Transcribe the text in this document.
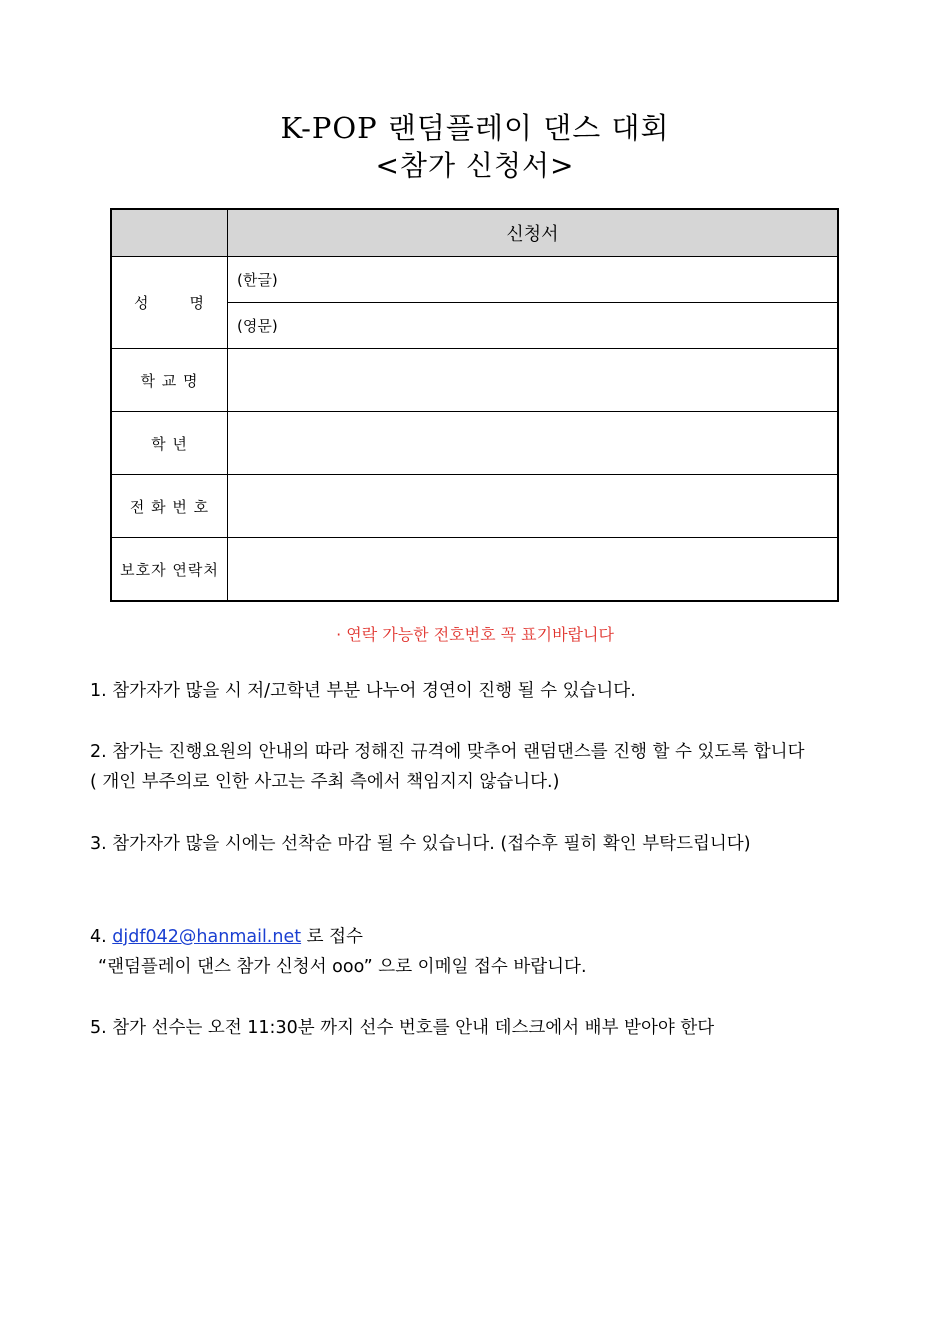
K-POP 랜덤플레이 댄스 대회
<참가 신청서>
	신청서

성 명	(한글)
	(영문)
학 교 명	
학 년	
전 화 번 호	
보호자 연락처	
· 연락 가능한 전호번호 꼭 표기바랍니다
1. 참가자가 많을 시 저/고학년 부분 나누어 경연이 진행 될 수 있습니다.
2. 참가는 진행요원의 안내의 따라 정해진 규격에 맞추어 랜덤댄스를 진행 할 수 있도록 합니다
( 개인 부주의로 인한 사고는 주최 측에서 책임지지 않습니다.)
3. 참가자가 많을 시에는 선착순 마감 될 수 있습니다. (접수후 필히 확인 부탁드립니다)
4. djdf042@hanmail.net 로 접수
“랜덤플레이 댄스 참가 신청서 ooo” 으로 이메일 접수 바랍니다.
5. 참가 선수는 오전 11:30분 까지 선수 번호를 안내 데스크에서 배부 받아야 한다
